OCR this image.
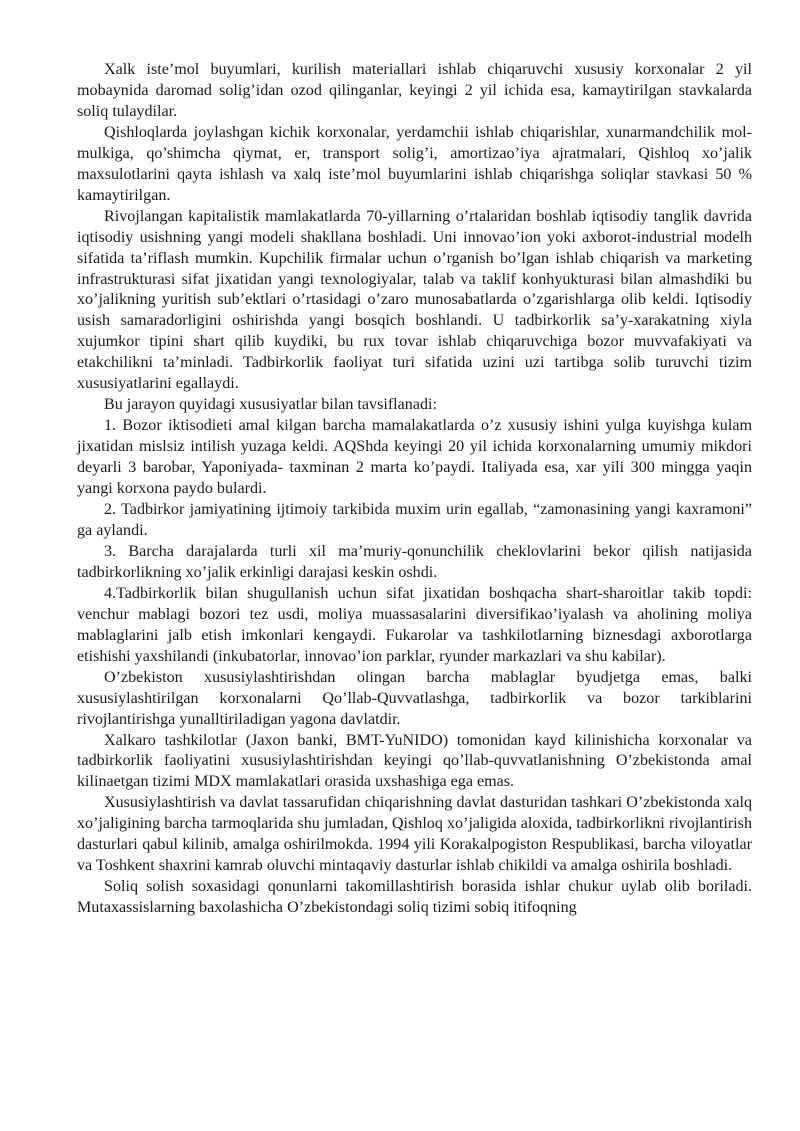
Xalk iste’mol buyumlari, kurilish materiallari ishlab chiqaruvchi xususiy korxonalar 2 yil mobaynida daromad solig’idan ozod qilinganlar, keyingi 2 yil ichida esa, kamaytirilgan stavkalarda soliq tulaydilar.

Qishloqlarda joylashgan kichik korxonalar, yerdamchii ishlab chiqarishlar, xunarmandchilik mol-mulkiga, qo’shimcha qiymat, er, transport solig’i, amortizao’iya ajratmalari, Qishloq xo’jalik maxsulotlarini qayta ishlash va xalq iste’mol buyumlarini ishlab chiqarishga soliqlar stavkasi 50 % kamaytirilgan.

Rivojlangan kapitalistik mamlakatlarda 70-yillarning o’rtalaridan boshlab iqtisodiy tanglik davrida iqtisodiy usishning yangi modeli shakllana boshladi. Uni innovao’ion yoki axborot-industrial modelh sifatida ta’riflash mumkin. Kupchilik firmalar uchun o’rganish bo’lgan ishlab chiqarish va marketing infrastrukturasi sifat jixatidan yangi texnologiyalar, talab va taklif konhyukturasi bilan almashdiki bu xo’jalikning yuritish sub’ektlari o’rtasidagi o’zaro munosabatlarda o’zgarishlarga olib keldi. Iqtisodiy usish samaradorligini oshirishda yangi bosqich boshlandi. U tadbirkorlik sa’y-xarakatning xiyla xujumkor tipini shart qilib kuydiki, bu rux tovar ishlab chiqaruvchiga bozor muvvafakiyati va etakchilikni ta’minladi. Tadbirkorlik faoliyat turi sifatida uzini uzi tartibga solib turuvchi tizim xususiyatlarini egallaydi.

Bu jarayon quyidagi xususiyatlar bilan tavsiflanadi:

1. Bozor iktisodieti amal kilgan barcha mamalakatlarda o’z xususiy ishini yulga kuyishga kulam jixatidan mislsiz intilish yuzaga keldi. AQShda keyingi 20 yil ichida korxonalarning umumiy mikdori deyarli 3 barobar, Yaponiyada- taxminan 2 marta ko’paydi. Italiyada esa, xar yili 300 mingga yaqin yangi korxona paydo bulardi.

2. Tadbirkor jamiyatining ijtimoiy tarkibida muxim urin egallab, “zamonasining yangi kaxramoni” ga aylandi.

3. Barcha darajalarda turli xil ma’muriy-qonunchilik cheklovlarini bekor qilish natijasida tadbirkorlikning xo’jalik erkinligi darajasi keskin oshdi.

4.Tadbirkorlik bilan shugullanish uchun sifat jixatidan boshqacha shart-sharoitlar takib topdi: venchur mablagi bozori tez usdi, moliya muassasalarini diversifikao’iyalash va aholining moliya mablaglarini jalb etish imkonlari kengaydi. Fukarolar va tashkilotlarning biznesdagi axborotlarga etishishi yaxshilandi (inkubatorlar, innovao’ion parklar, ryunder markazlari va shu kabilar).

O’zbekiston xususiylashtirishdan olingan barcha mablaglar byudjetga emas, balki xususiylashtirilgan korxonalarni Qo’llab-Quvvatlashga, tadbirkorlik va bozor tarkiblarini rivojlantirishga yunalltiriladigan yagona davlatdir.

Xalkaro tashkilotlar (Jaxon banki, BMT-YuNIDO) tomonidan kayd kilinishicha korxonalar va tadbirkorlik faoliyatini xususiylashtirishdan keyingi qo’llab-quvvatlanishning O’zbekistonda amal kilinaetgan tizimi MDX mamlakatlari orasida uxshashiga ega emas.

Xususiylashtirish va davlat tassarufidan chiqarishning davlat dasturidan tashkari O’zbekistonda xalq xo’jaligining barcha tarmoqlarida shu jumladan, Qishloq xo’jaligida aloxida, tadbirkorlikni rivojlantirish dasturlari qabul kilinib, amalga oshirilmokda. 1994 yili Korakalpogiston Respublikasi, barcha viloyatlar va Toshkent shaxrini kamrab oluvchi mintaqaviy dasturlar ishlab chikildi va amalga oshirila boshladi.

Soliq solish soxasidagi qonunlarni takomillashtirish borasida ishlar chukur uylab olib boriladi. Mutaxassislarning baxolashicha O’zbekistondagi soliq tizimi sobiq itifoqning
